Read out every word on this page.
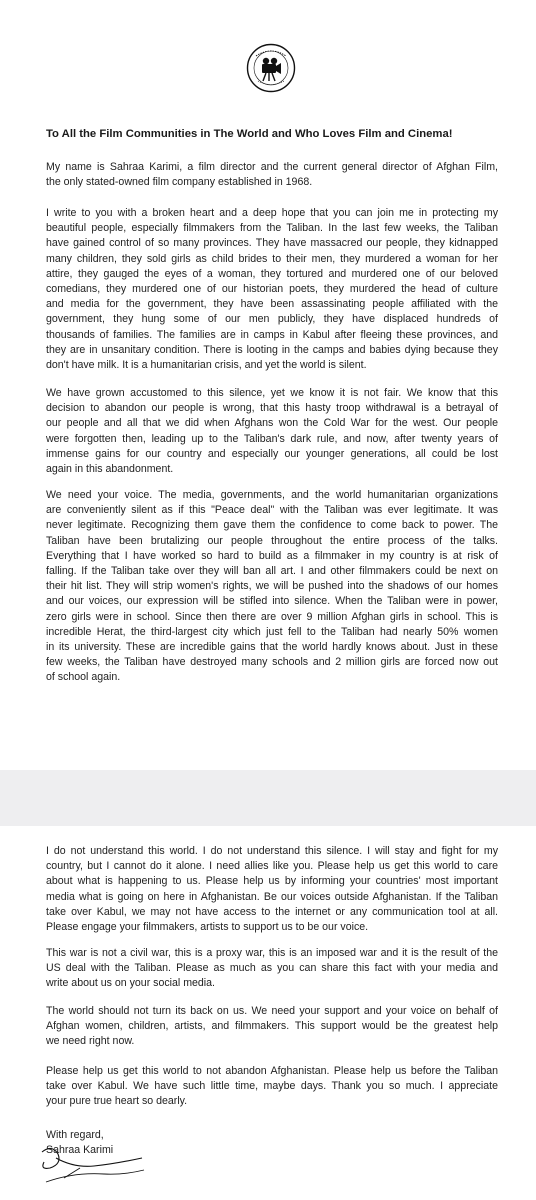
To All the Film Communities in The World and Who Loves Film and Cinema!
My name is Sahraa Karimi, a film director and the current general director of Afghan Film,
the only stated-owned film company established in 1968.
I write to you with a broken heart and a deep hope that you can join me in protecting my
beautiful people, especially filmmakers from the Taliban. In the last few weeks, the Taliban
have gained control of so many provinces. They have massacred our people, they kidnapped
many children, they sold girls as child brides to their men, they murdered a woman for her
attire, they gauged the eyes of a woman, they tortured and murdered one of our beloved
comedians, they murdered one of our historian poets, they murdered the head of culture
and media for the government, they have been assassinating people affiliated with the
government, they hung some of our men publicly, they have displaced hundreds of
thousands of families. The families are in camps in Kabul after fleeing these provinces, and
they are in unsanitary condition. There is looting in the camps and babies dying because they
don't have milk. It is a humanitarian crisis, and yet the world is silent.
We have grown accustomed to this silence, yet we know it is not fair. We know that this
decision to abandon our people is wrong, that this hasty troop withdrawal is a betrayal of
our people and all that we did when Afghans won the Cold War for the west. Our people
were forgotten then, leading up to the Taliban's dark rule, and now, after twenty years of
immense gains for our country and especially our younger generations, all could be lost
again in this abandonment.
We need your voice. The media, governments, and the world humanitarian organizations
are conveniently silent as if this "Peace deal" with the Taliban was ever legitimate. It was
never legitimate. Recognizing them gave them the confidence to come back to power. The
Taliban have been brutalizing our people throughout the entire process of the talks.
Everything that I have worked so hard to build as a filmmaker in my country is at risk of
falling. If the Taliban take over they will ban all art. I and other filmmakers could be next on
their hit list. They will strip women's rights, we will be pushed into the shadows of our homes
and our voices, our expression will be stifled into silence. When the Taliban were in power,
zero girls were in school. Since then there are over 9 million Afghan girls in school. This is
incredible Herat, the third-largest city which just fell to the Taliban had nearly 50% women
in its university. These are incredible gains that the world hardly knows about. Just in these
few weeks, the Taliban have destroyed many schools and 2 million girls are forced now out
of school again.
I do not understand this world. I do not understand this silence. I will stay and fight for my
country, but I cannot do it alone. I need allies like you. Please help us get this world to care
about what is happening to us. Please help us by informing your countries' most important
media what is going on here in Afghanistan. Be our voices outside Afghanistan. If the Taliban
take over Kabul, we may not have access to the internet or any communication tool at all.
Please engage your filmmakers, artists to support us to be our voice.
This war is not a civil war, this is a proxy war, this is an imposed war and it is the result of the
US deal with the Taliban. Please as much as you can share this fact with your media and
write about us on your social media.
The world should not turn its back on us. We need your support and your voice on behalf of
Afghan women, children, artists, and filmmakers. This support would be the greatest help
we need right now.
Please help us get this world to not abandon Afghanistan. Please help us before the Taliban
take over Kabul. We have such little time, maybe days. Thank you so much. I appreciate
your pure true heart so dearly.
With regard,
Sahraa Karimi
